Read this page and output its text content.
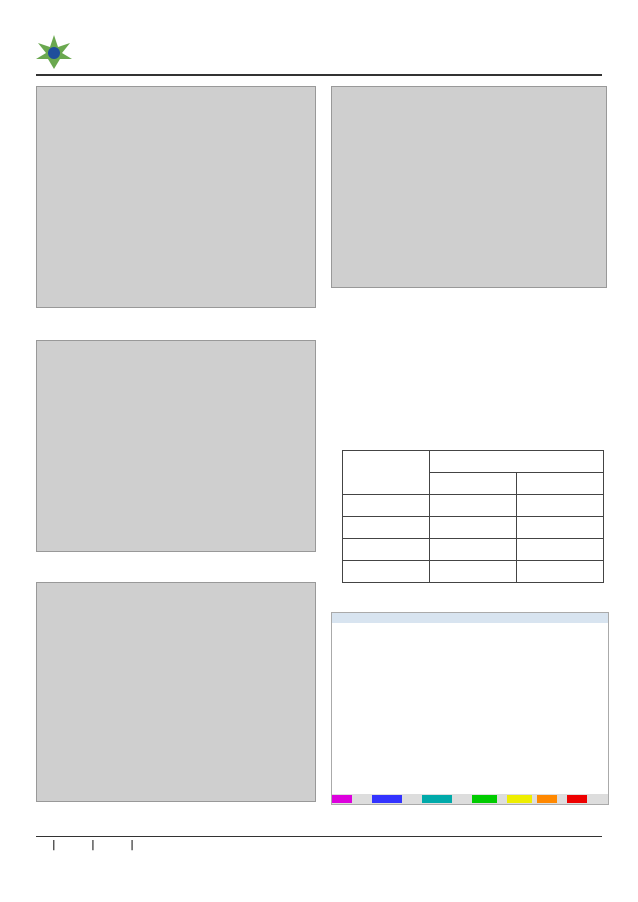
|	|	|
